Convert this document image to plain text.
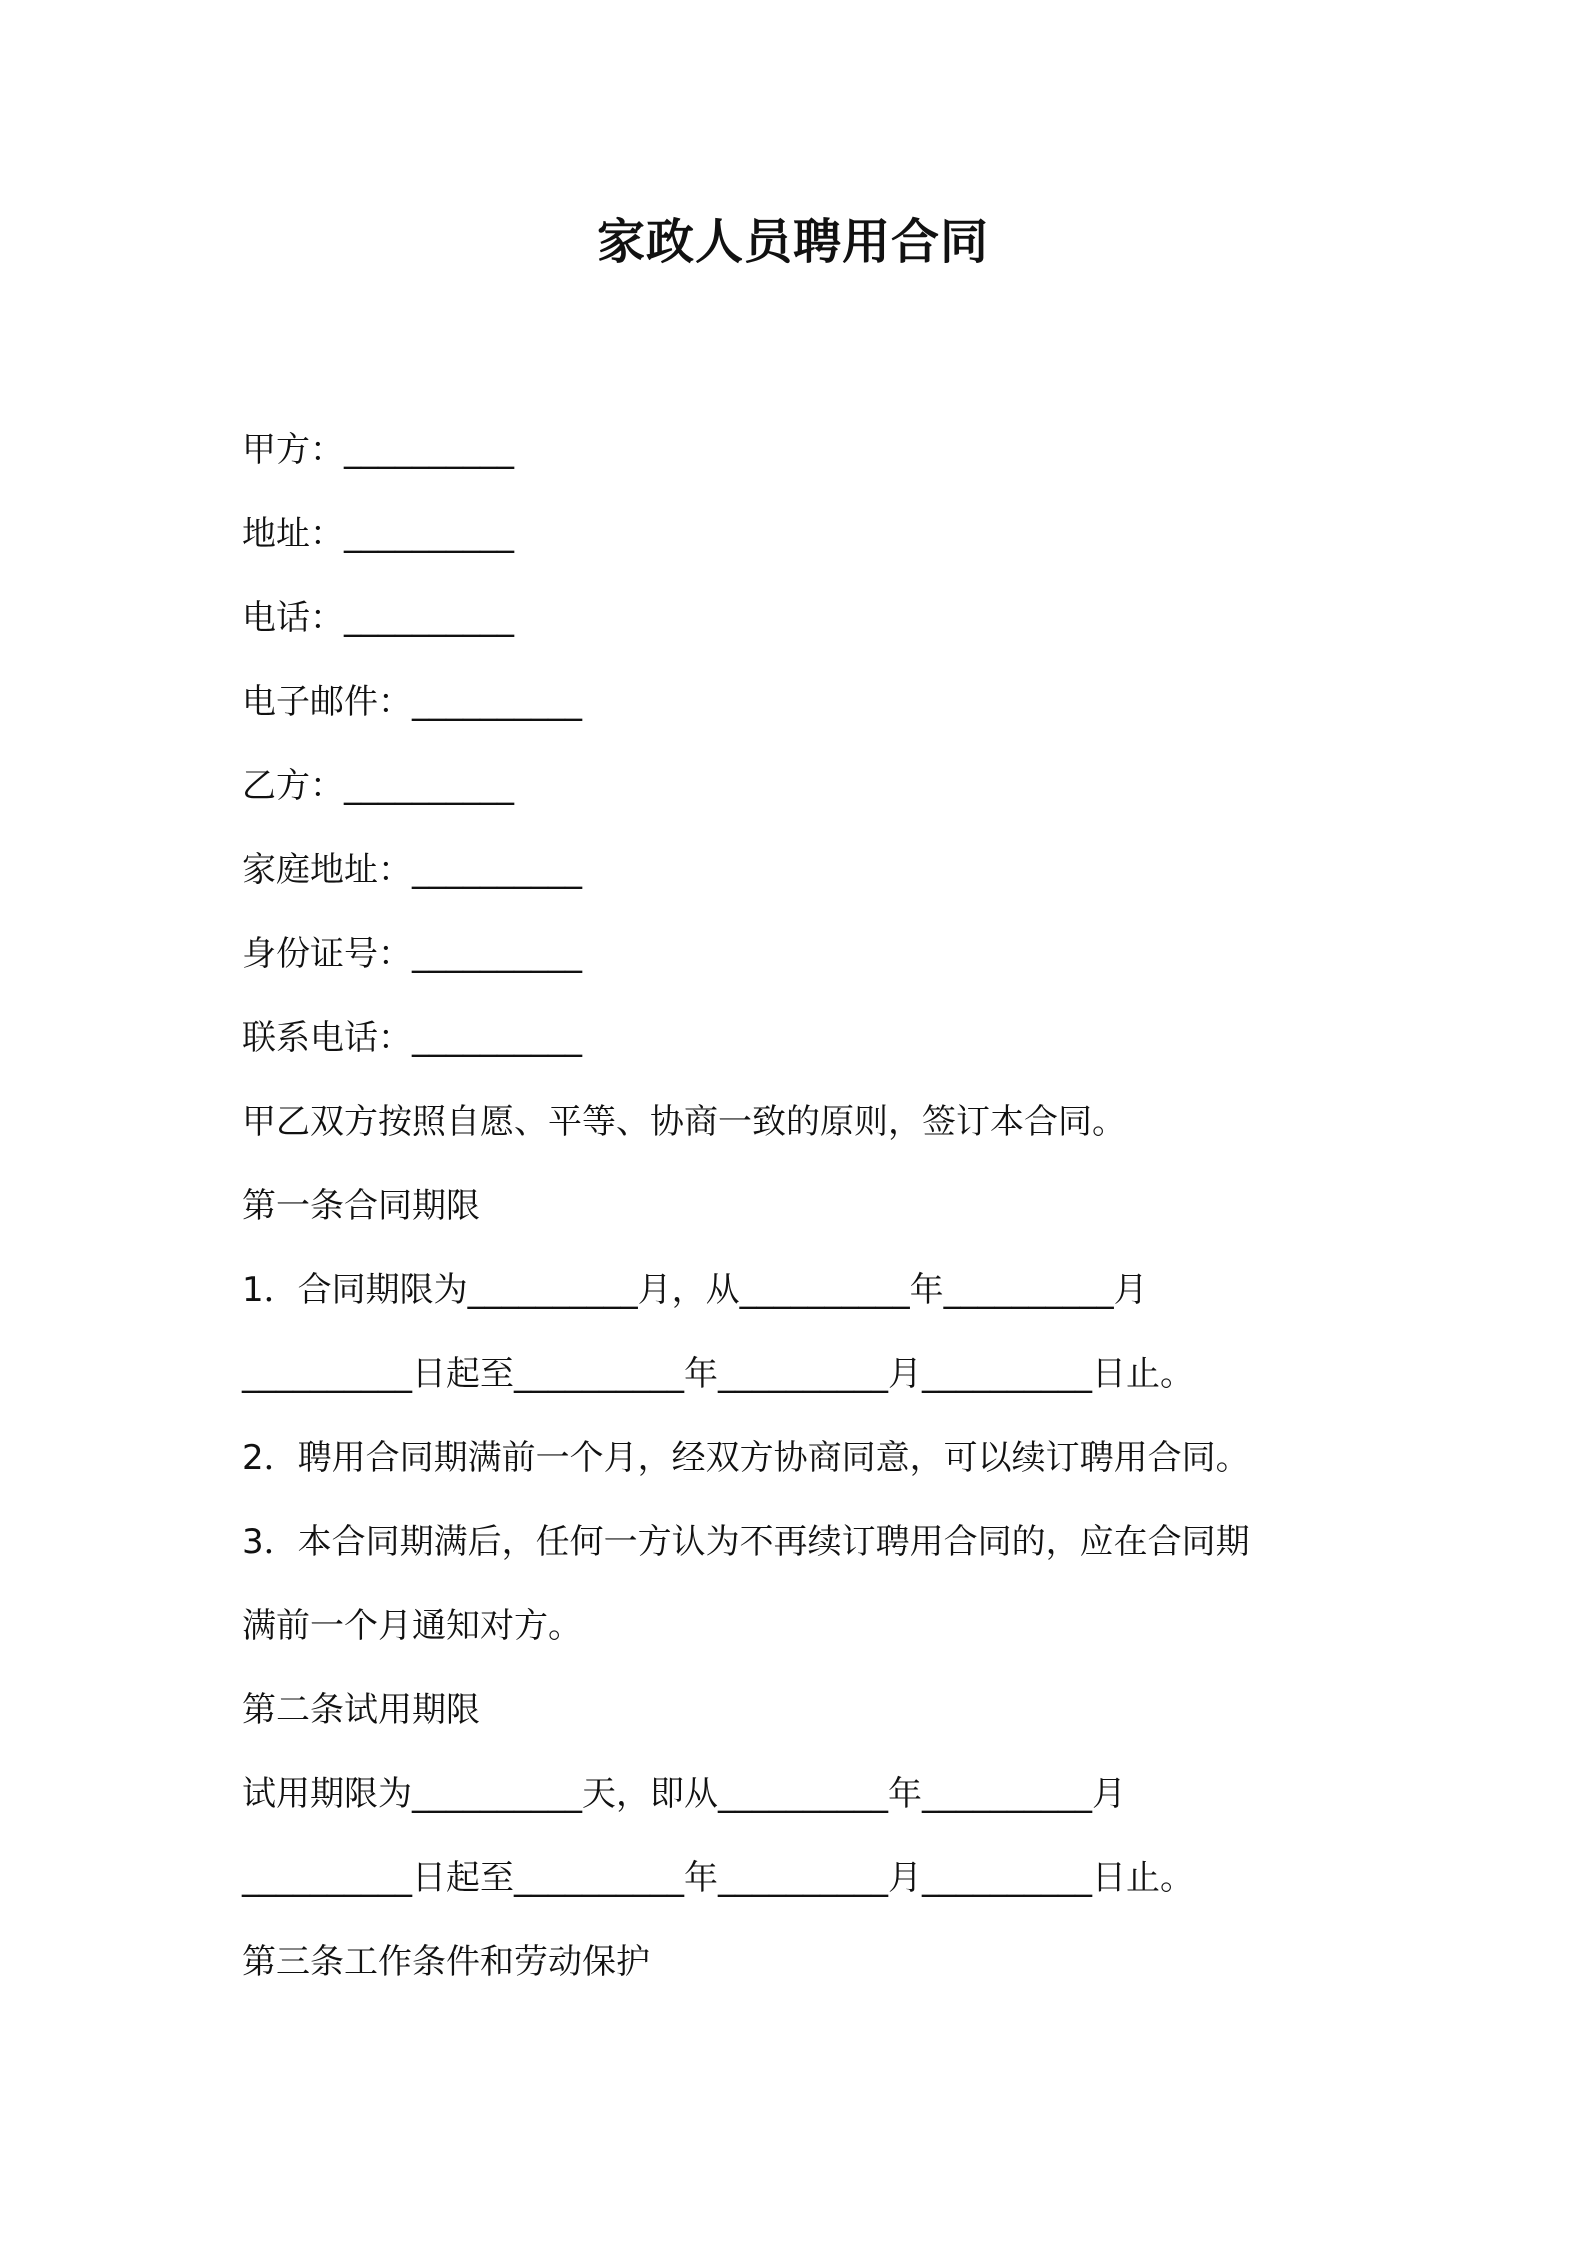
家政人员聘用合同
甲方：__________
地址：__________
电话：__________
电子邮件：__________
乙方：__________
家庭地址：__________
身份证号：__________
联系电话：__________
甲乙双方按照自愿、平等、协商一致的原则，签订本合同。
第一条合同期限
1．合同期限为__________月，从__________年__________月
__________日起至__________年__________月__________日止。
2．聘用合同期满前一个月，经双方协商同意，可以续订聘用合同。
3．本合同期满后，任何一方认为不再续订聘用合同的，应在合同期
满前一个月通知对方。
第二条试用期限
试用期限为__________天，即从__________年__________月
__________日起至__________年__________月__________日止。
第三条工作条件和劳动保护
